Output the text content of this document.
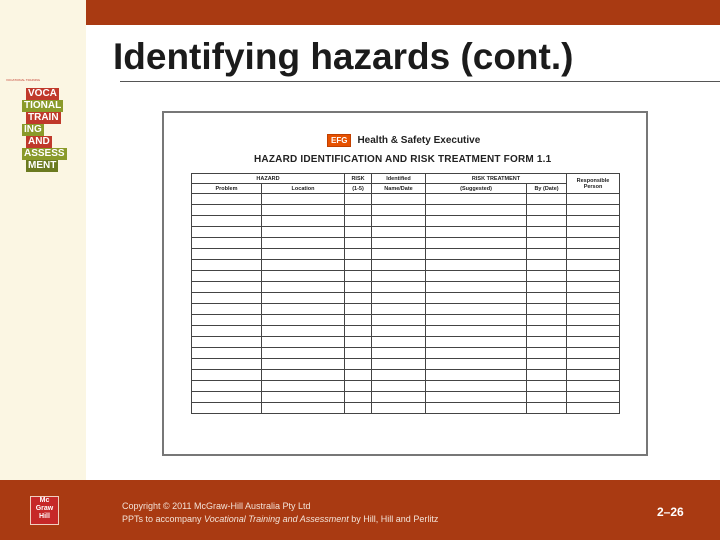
VOCATIONAL TRAINING
VOCA
TIONAL
TRAIN
ING
AND
ASSESS
MENT
Identifying hazards (cont.)
EFG	Health & Safety Executive
HAZARD IDENTIFICATION AND RISK TREATMENT FORM 1.1
HAZARD		RISK	Identified	RISK TREATMENT		Responsible Person
Problem	Location	(1-5)	Name/Date	(Suggested)	By (Date)	

Mc
Graw
Hill
Copyright © 2011 McGraw-Hill Australia Pty Ltd
PPTs to accompany Vocational Training and Assessment by Hill, Hill and Perlitz	2–26
